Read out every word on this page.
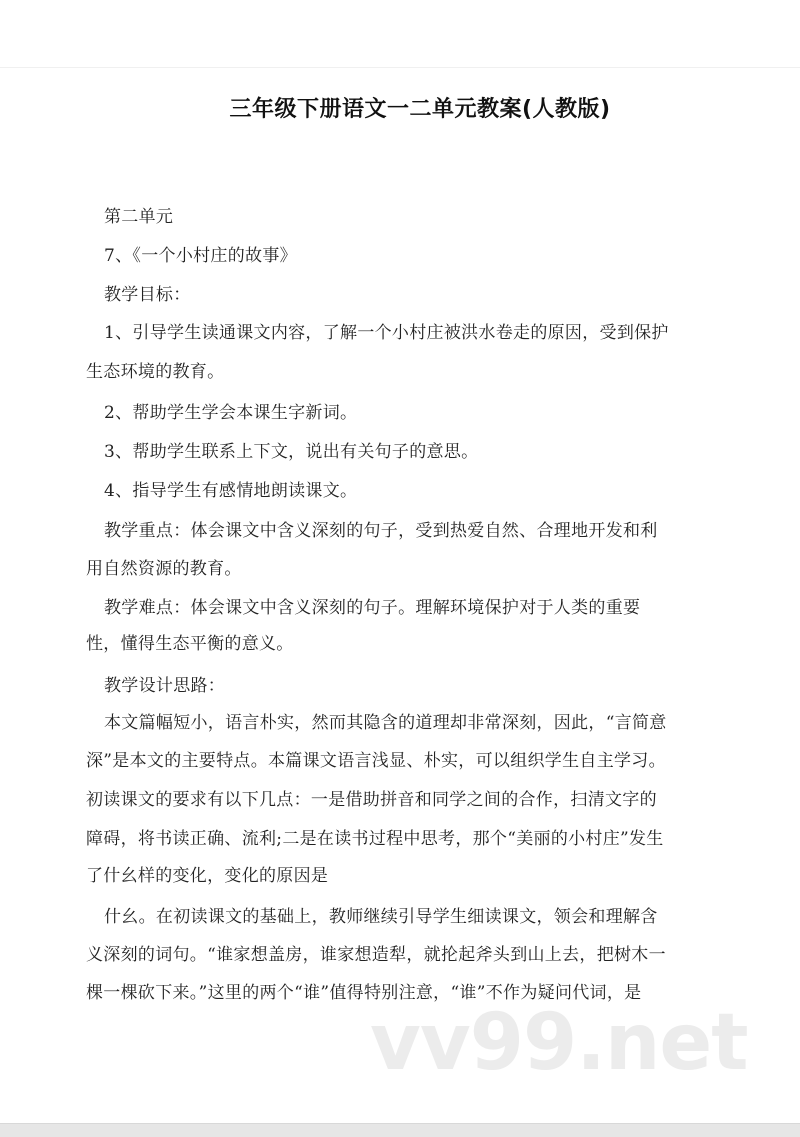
三年级下册语文一二单元教案(人教版)
第二单元
7、《一个小村庄的故事》
教学目标：
1、引导学生读通课文内容，了解一个小村庄被洪水卷走的原因，受到保护
生态环境的教育。
2、帮助学生学会本课生字新词。
3、帮助学生联系上下文，说出有关句子的意思。
4、指导学生有感情地朗读课文。
教学重点：体会课文中含义深刻的句子，受到热爱自然、合理地开发和利
用自然资源的教育。
教学难点：体会课文中含义深刻的句子。理解环境保护对于人类的重要
性，懂得生态平衡的意义。
教学设计思路：
本文篇幅短小，语言朴实，然而其隐含的道理却非常深刻，因此，“言简意
深”是本文的主要特点。本篇课文语言浅显、朴实，可以组织学生自主学习。
初读课文的要求有以下几点：一是借助拼音和同学之间的合作，扫清文字的
障碍，将书读正确、流利;二是在读书过程中思考，那个“美丽的小村庄”发生
了什幺样的变化，变化的原因是
什幺。在初读课文的基础上，教师继续引导学生细读课文，领会和理解含
义深刻的词句。“谁家想盖房，谁家想造犁，就抡起斧头到山上去，把树木一
棵一棵砍下来。”这里的两个“谁”值得特别注意，“谁”不作为疑问代词，是
vv99.net
